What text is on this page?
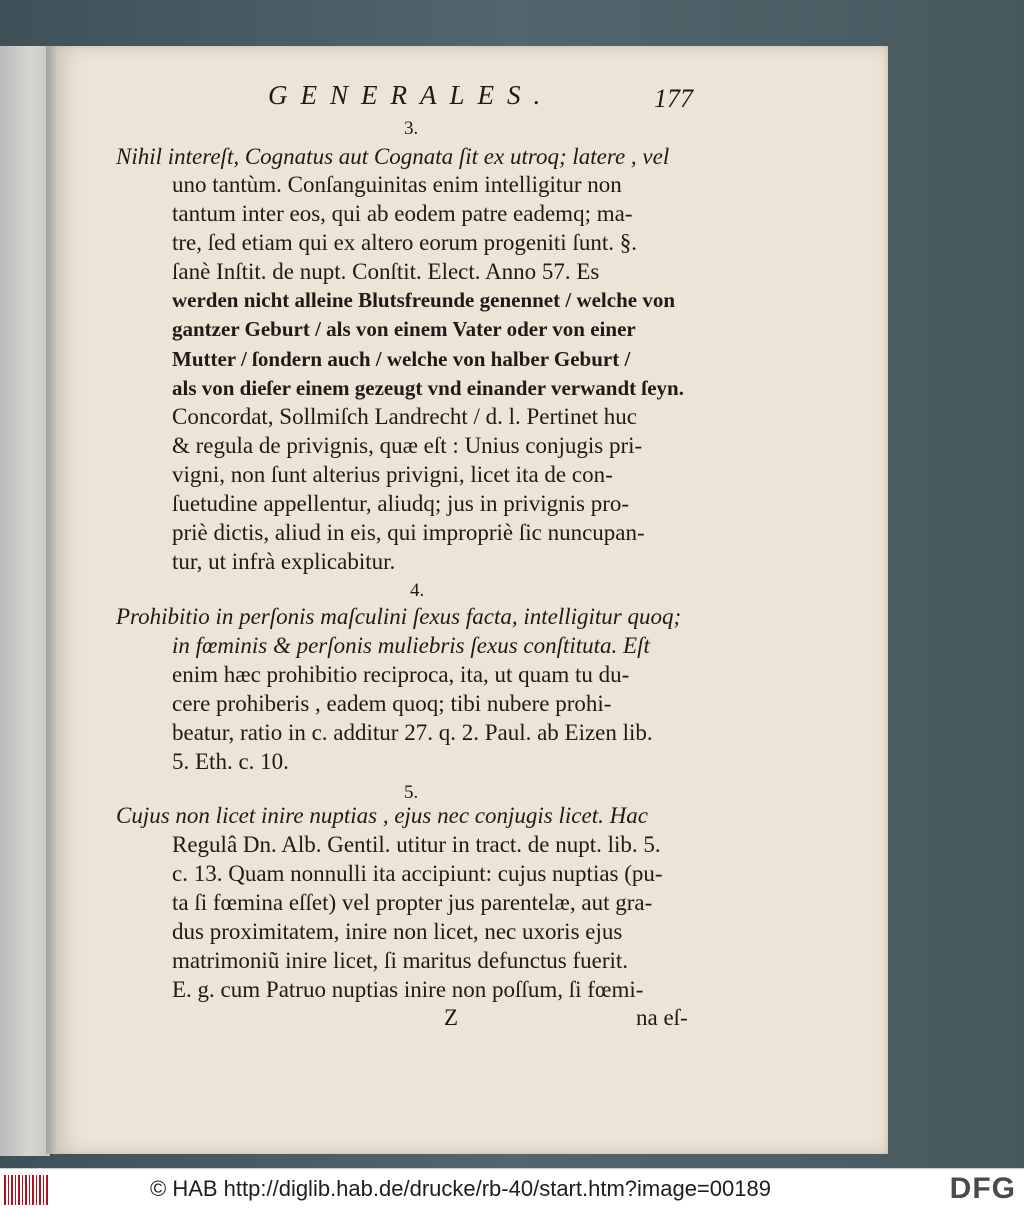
GENERALES.	177
3.
Nihil intereſt, Cognatus aut Cognata ſit ex utroq; latere , vel
uno tantùm. Conſanguinitas enim intelligitur non
tantum inter eos, qui ab eodem patre eademq; ma-
tre, ſed etiam qui ex altero eorum progeniti ſunt. §.
ſanè Inſtit. de nupt. Conſtit. Elect. Anno 57. Es
werden nicht alleine Blutsfreunde genennet / welche von
gantzer Geburt / als von einem Vater oder von einer
Mutter / ſondern auch / welche von halber Geburt /
als von dieſer einem gezeugt vnd einander verwandt ſeyn.
Concordat, Sollmiſch Landrecht / d. l. Pertinet huc
& regula de privignis, quæ eſt : Unius conjugis pri-
vigni, non ſunt alterius privigni, licet ita de con-
ſuetudine appellentur, aliudq; jus in privignis pro-
priè dictis, aliud in eis, qui impropriè ſic nuncupan-
tur, ut infrà explicabitur.
4.
Prohibitio in perſonis maſculini ſexus facta, intelligitur quoq;
in fœminis & perſonis muliebris ſexus conſtituta. Eſt
enim hæc prohibitio reciproca, ita, ut quam tu du-
cere prohiberis , eadem quoq; tibi nubere prohi-
beatur, ratio in c. additur 27. q. 2. Paul. ab Eizen lib.
5. Eth. c. 10.
5.
Cujus non licet inire nuptias , ejus nec conjugis licet. Hac
Regulâ Dn. Alb. Gentil. utitur in tract. de nupt. lib. 5.
c. 13. Quam nonnulli ita accipiunt: cujus nuptias (pu-
ta ſi fœmina eſſet) vel propter jus parentelæ, aut gra-
dus proximitatem, inire non licet, nec uxoris ejus
matrimoniũ inire licet, ſi maritus defunctus fuerit.
E. g. cum Patruo nuptias inire non poſſum, ſi fœmi-
Z	na eſ-
© HAB http://diglib.hab.de/drucke/rb-40/start.htm?image=00189	DFG
